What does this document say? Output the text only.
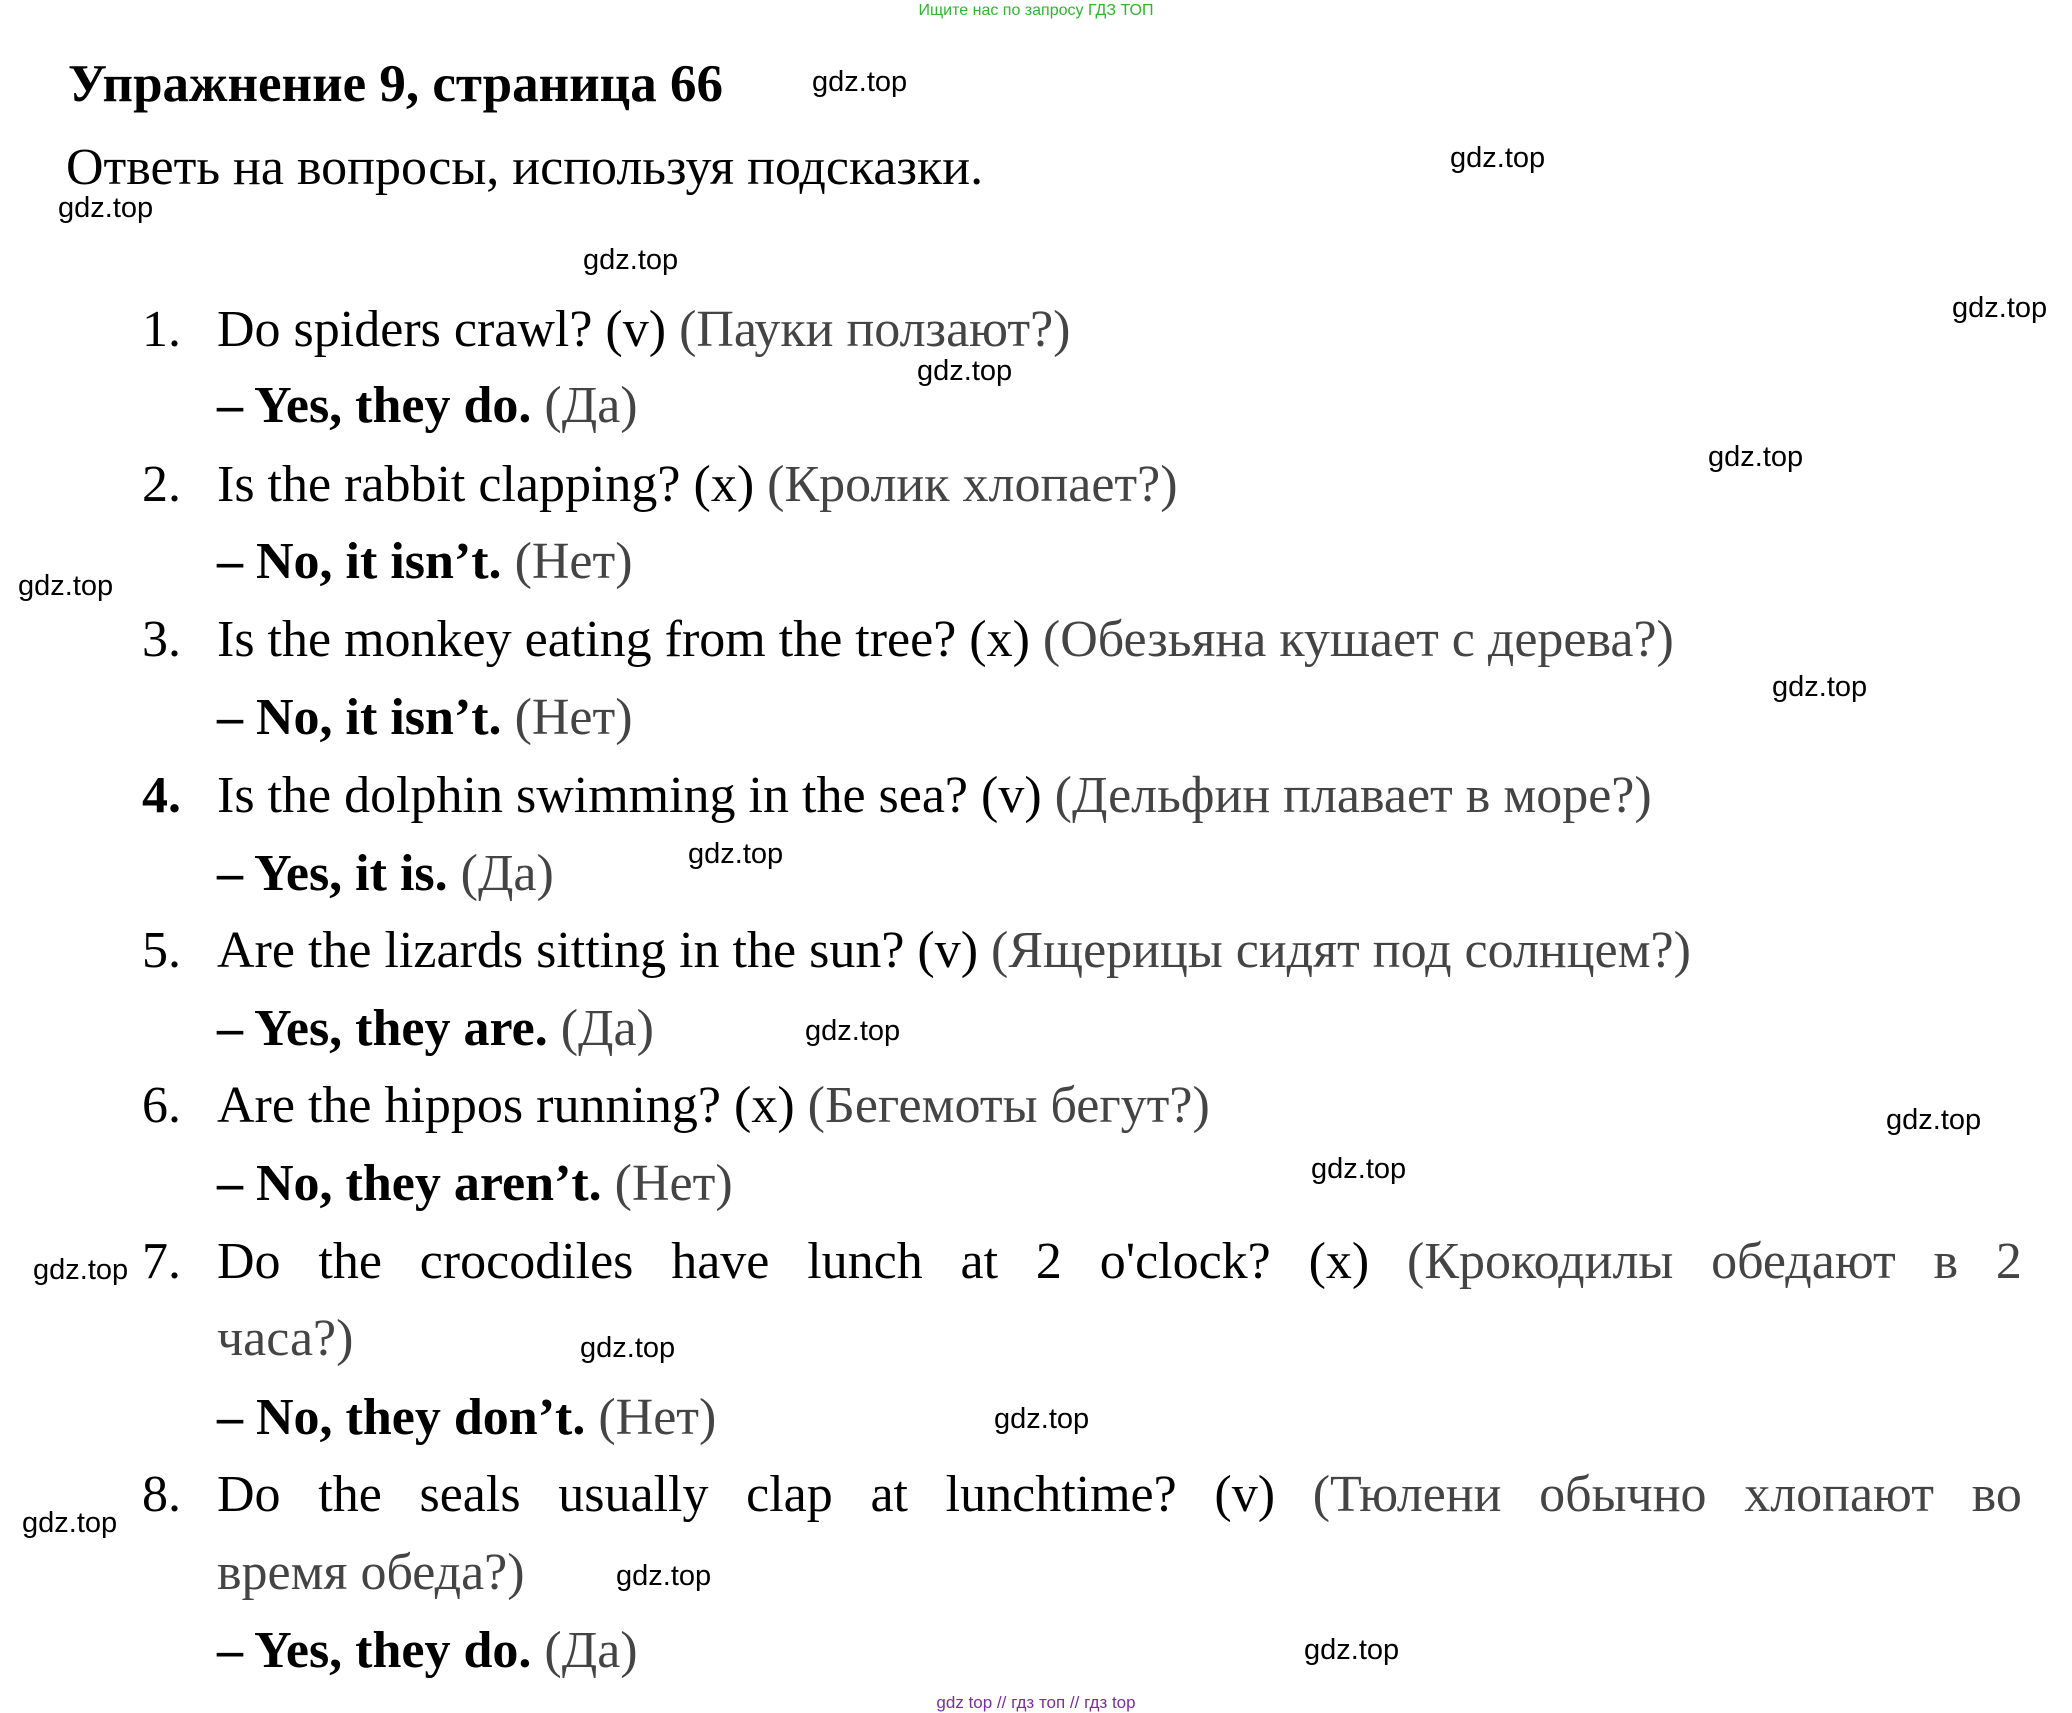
Ищите нас по запросу ГДЗ ТОП
Упражнение 9, страница 66
Ответь на вопросы, используя подсказки.
1. Do spiders crawl? (v) (Пауки ползают?)
– Yes, they do. (Да)
2. Is the rabbit clapping? (x) (Кролик хлопает?)
– No, it isn’t. (Нет)
3. Is the monkey eating from the tree? (x) (Обезьяна кушает с дерева?)
– No, it isn’t. (Нет)
4. Is the dolphin swimming in the sea? (v) (Дельфин плавает в море?)
– Yes, it is. (Да)
5. Are the lizards sitting in the sun? (v) (Ящерицы сидят под солнцем?)
– Yes, they are. (Да)
6. Are the hippos running? (x) (Бегемоты бегут?)
– No, they aren’t. (Нет)
7. Do the crocodiles have lunch at 2 o'clock? (x) (Крокодилы обедают в 2
часа?)
– No, they don’t. (Нет)
8. Do the seals usually clap at lunchtime? (v) (Тюлени обычно хлопают во
время обеда?)
– Yes, they do. (Да)
gdz.top
gdz.top
gdz.top
gdz.top
gdz.top
gdz.top
gdz.top
gdz.top
gdz.top
gdz.top
gdz.top
gdz.top
gdz.top
gdz.top
gdz.top
gdz.top
gdz.top
gdz.top
gdz.top
gdz top // гдз топ // гдз top
